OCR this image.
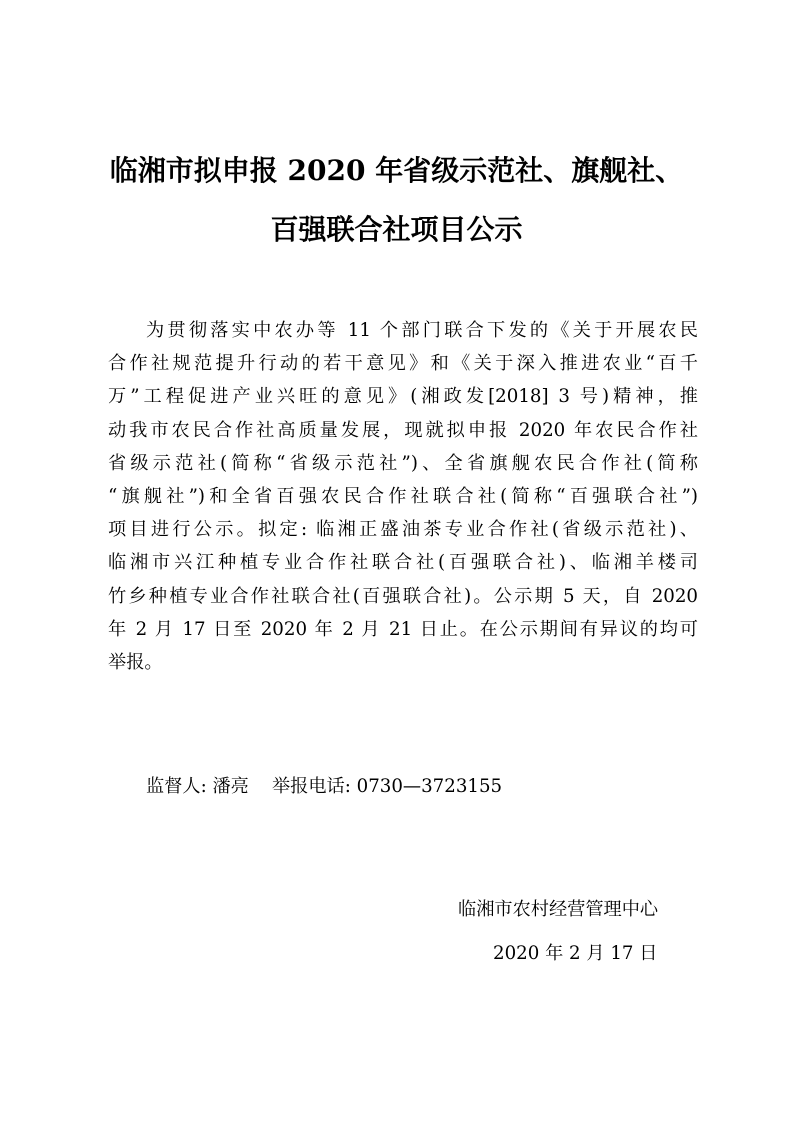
临湘市拟申报 2020 年省级示范社、旗舰社、
百强联合社项目公示
为贯彻落实中农办等 11 个部门联合下发的《关于开展农民
合作社规范提升行动的若干意见》和《关于深入推进农业“百千
万”工程促进产业兴旺的意见》(湘政发[2018] 3 号)精神，推
动我市农民合作社高质量发展，现就拟申报 2020 年农民合作社
省级示范社(简称“省级示范社”)、全省旗舰农民合作社(简称
“旗舰社”)和全省百强农民合作社联合社(简称“百强联合社”)
项目进行公示。拟定: 临湘正盛油茶专业合作社(省级示范社)、
临湘市兴江种植专业合作社联合社(百强联合社)、临湘羊楼司
竹乡种植专业合作社联合社(百强联合社)。公示期 5 天，自 2020
年 2 月 17 日至 2020 年 2 月 21 日止。在公示期间有异议的均可
举报。
监督人: 潘亮    举报电话: 0730—3723155
临湘市农村经营管理中心
2020 年 2 月 17 日
